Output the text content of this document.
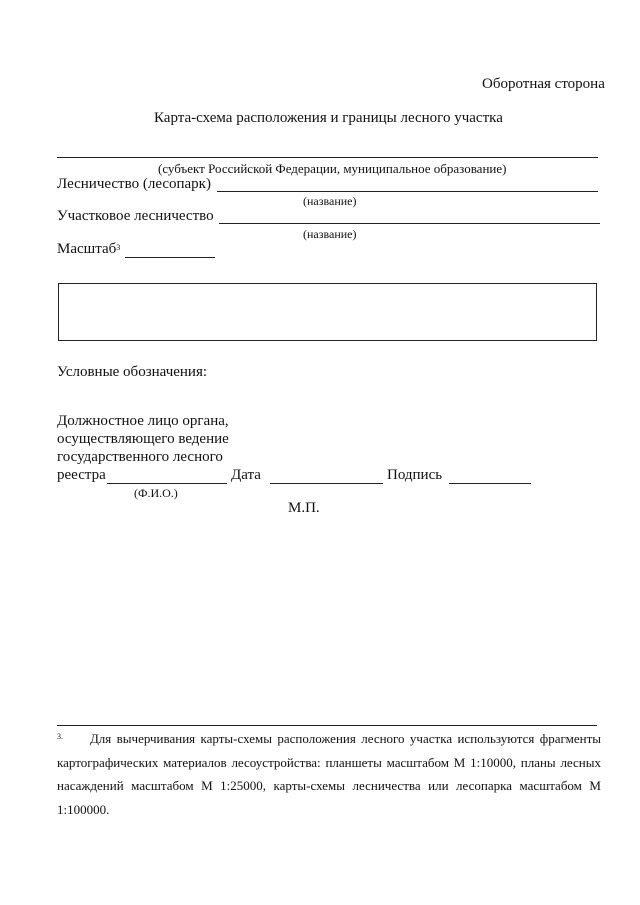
Оборотная сторона
Карта-схема расположения и границы лесного участка
(субъект Российской Федерации, муниципальное образование)
Лесничество (лесопарк)
(название)
Участковое лесничество
(название)
Масштаб$^3$
Условные обозначения:
Должностное лицо органа,
осуществляющего ведение
государственного лесного
реестра	Дата	Подпись
(Ф.И.О.)
М.П.
$^{3.}$ Для вычерчивания карты-схемы расположения лесного участка используются фрагменты картографических материалов лесоустройства: планшеты масштабом М 1:10000, планы лесных насаждений масштабом М 1:25000, карты-схемы лесничества или лесопарка масштабом М 1:100000.
